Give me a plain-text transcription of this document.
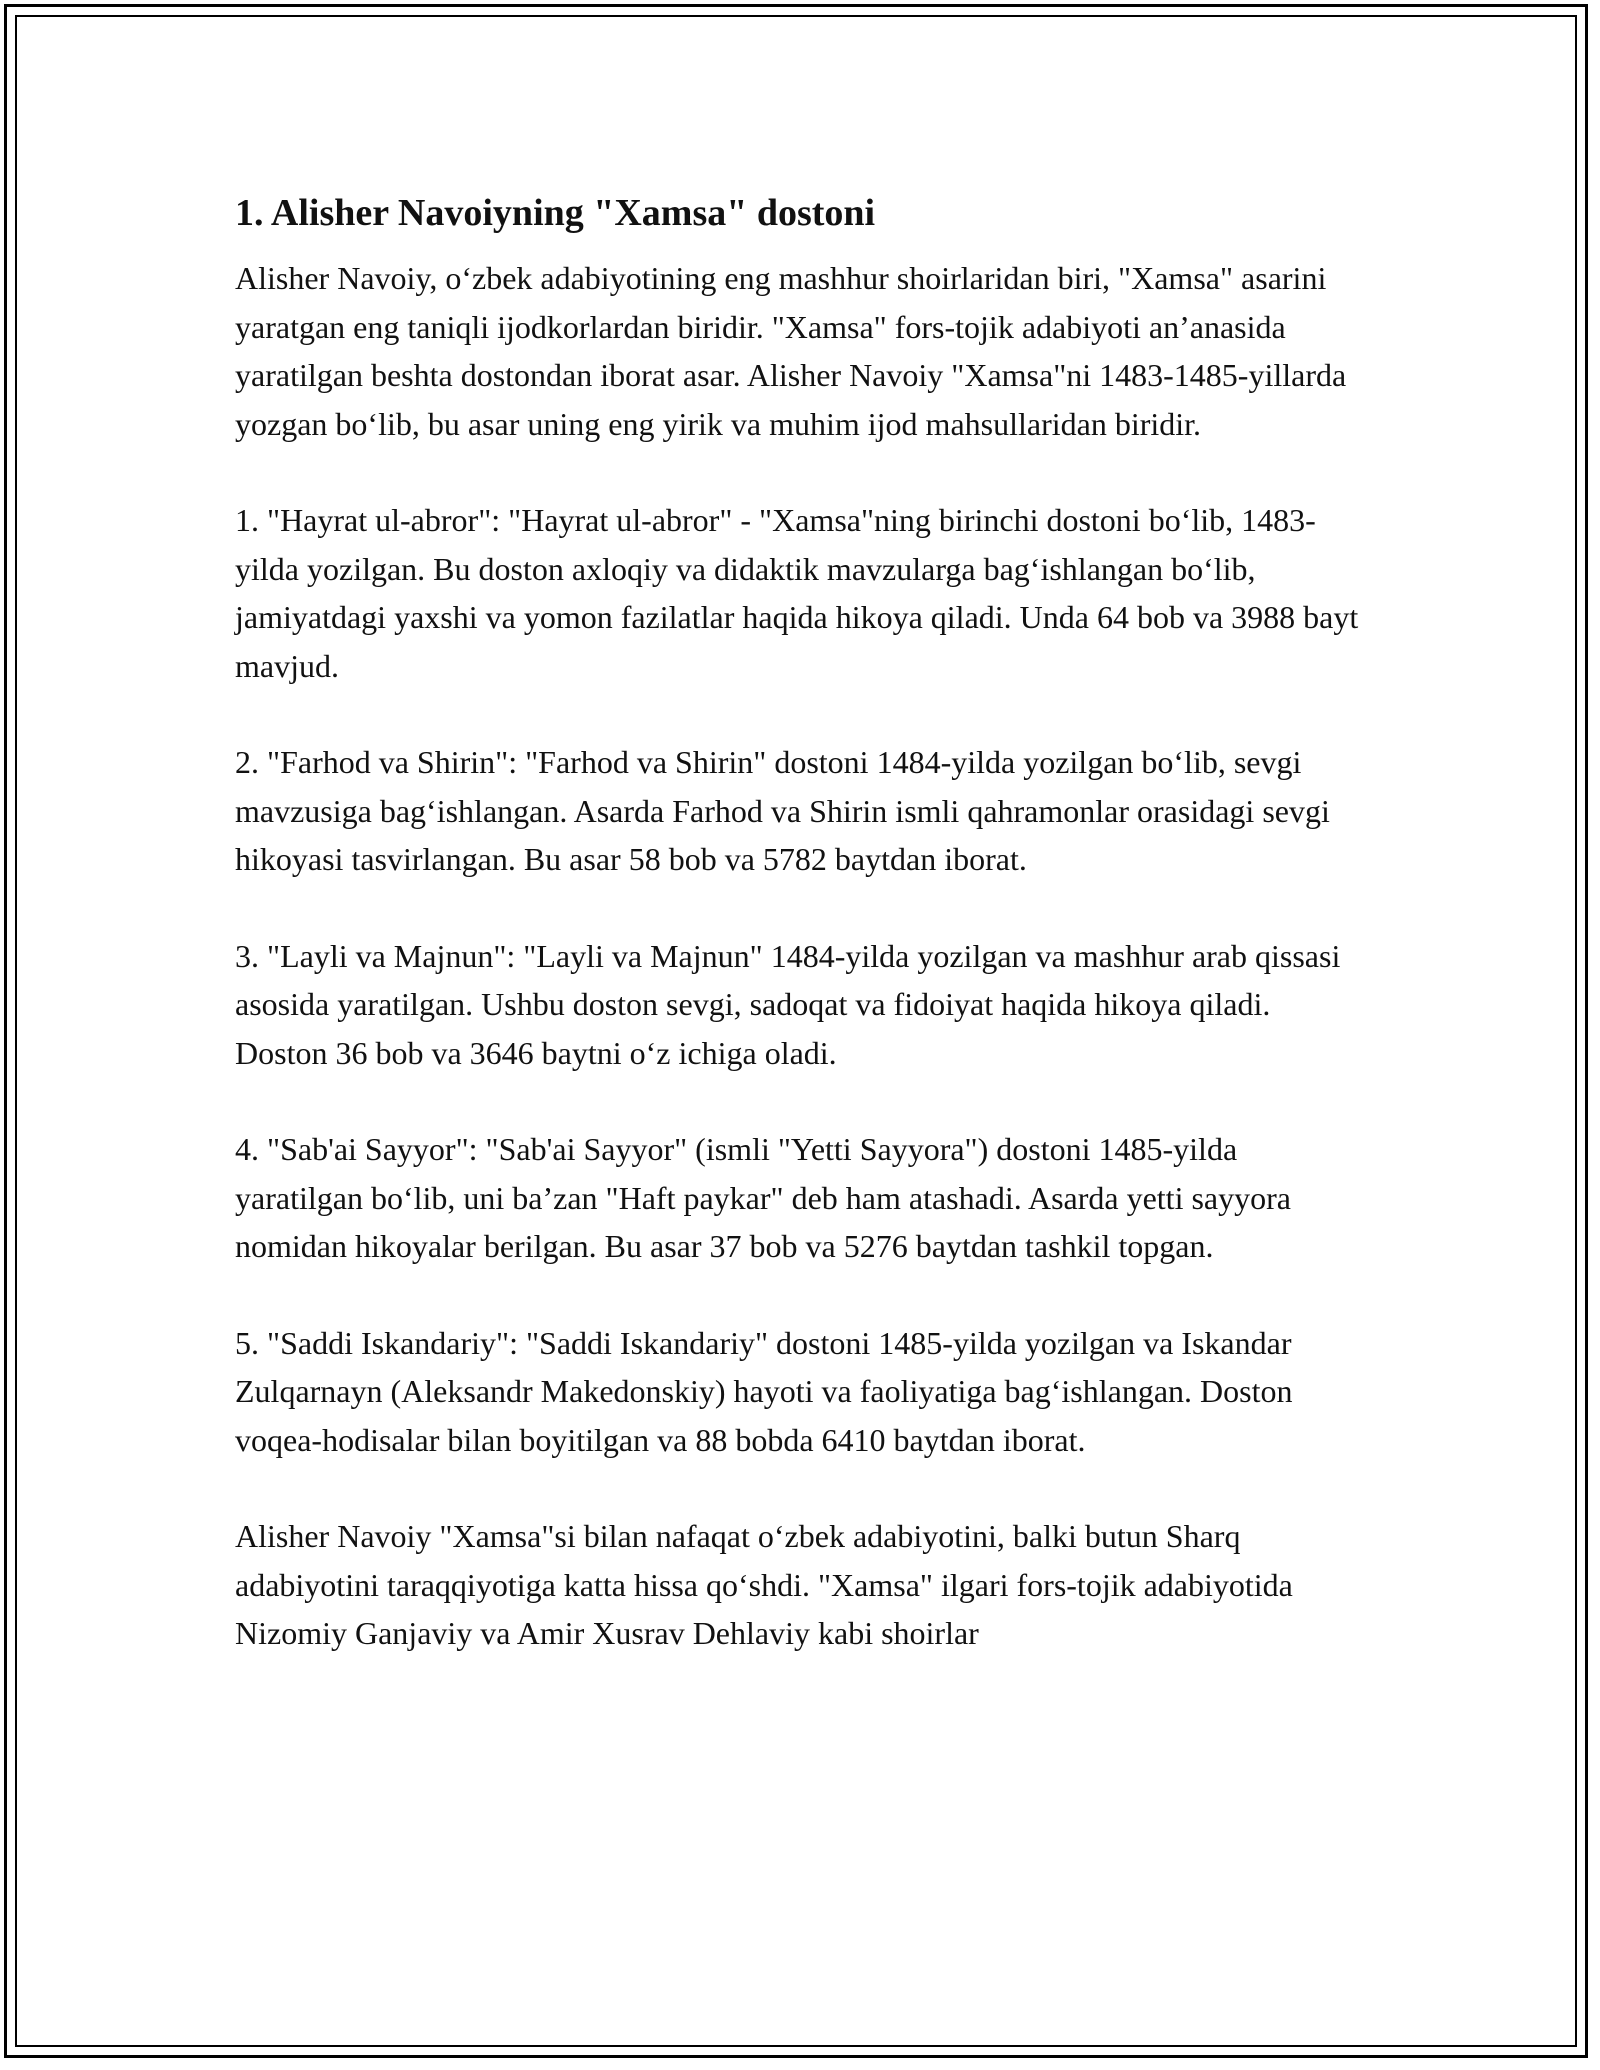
1. Alisher Navoiyning "Xamsa" dostoni

Alisher Navoiy, o‘zbek adabiyotining eng mashhur shoirlaridan biri, "Xamsa" asarini yaratgan eng taniqli ijodkorlardan biridir. "Xamsa" fors-tojik adabiyoti an’anasida yaratilgan beshta dostondan iborat asar. Alisher Navoiy "Xamsa"ni 1483-1485-yillarda yozgan bo‘lib, bu asar uning eng yirik va muhim ijod mahsullaridan biridir.

1. "Hayrat ul-abror": "Hayrat ul-abror" - "Xamsa"ning birinchi dostoni bo‘lib, 1483-yilda yozilgan. Bu doston axloqiy va didaktik mavzularga bag‘ishlangan bo‘lib, jamiyatdagi yaxshi va yomon fazilatlar haqida hikoya qiladi. Unda 64 bob va 3988 bayt mavjud.

2. "Farhod va Shirin": "Farhod va Shirin" dostoni 1484-yilda yozilgan bo‘lib, sevgi mavzusiga bag‘ishlangan. Asarda Farhod va Shirin ismli qahramonlar orasidagi sevgi hikoyasi tasvirlangan. Bu asar 58 bob va 5782 baytdan iborat.

3. "Layli va Majnun": "Layli va Majnun" 1484-yilda yozilgan va mashhur arab qissasi asosida yaratilgan. Ushbu doston sevgi, sadoqat va fidoiyat haqida hikoya qiladi. Doston 36 bob va 3646 baytni o‘z ichiga oladi.

4. "Sab'ai Sayyor": "Sab'ai Sayyor" (ismli "Yetti Sayyora") dostoni 1485-yilda yaratilgan bo‘lib, uni ba’zan "Haft paykar" deb ham atashadi. Asarda yetti sayyora nomidan hikoyalar berilgan. Bu asar 37 bob va 5276 baytdan tashkil topgan.

5. "Saddi Iskandariy": "Saddi Iskandariy" dostoni 1485-yilda yozilgan va Iskandar Zulqarnayn (Aleksandr Makedonskiy) hayoti va faoliyatiga bag‘ishlangan. Doston voqea-hodisalar bilan boyitilgan va 88 bobda 6410 baytdan iborat.

Alisher Navoiy "Xamsa"si bilan nafaqat o‘zbek adabiyotini, balki butun Sharq adabiyotini taraqqiyotiga katta hissa qo‘shdi. "Xamsa" ilgari fors-tojik adabiyotida Nizomiy Ganjaviy va Amir Xusrav Dehlaviy kabi shoirlar
